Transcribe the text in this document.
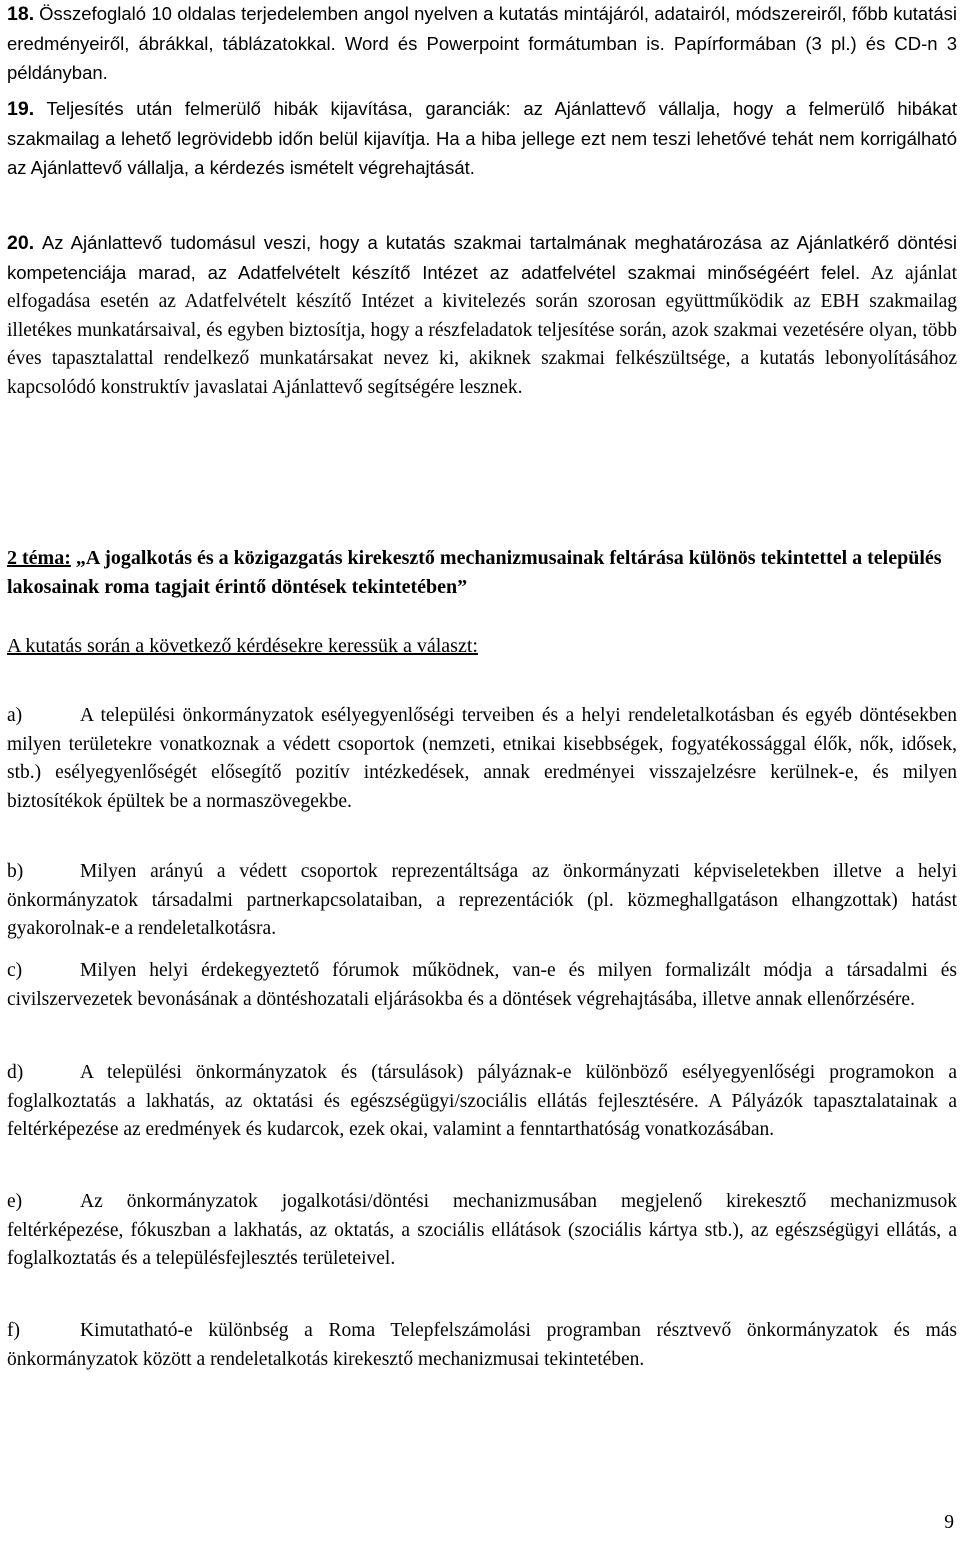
18. Összefoglaló 10 oldalas terjedelemben angol nyelven a kutatás mintájáról, adatairól, módszereiről, főbb kutatási eredményeiről, ábrákkal, táblázatokkal. Word és Powerpoint formátumban is. Papírformában (3 pl.) és CD-n 3 példányban.
19. Teljesítés után felmerülő hibák kijavítása, garanciák: az Ajánlattevő vállalja, hogy a felmerülő hibákat szakmailag a lehető legrövidebb időn belül kijavítja. Ha a hiba jellege ezt nem teszi lehetővé tehát nem korrigálható az Ajánlattevő vállalja, a kérdezés ismételt végrehajtását.
20. Az Ajánlattevő tudomásul veszi, hogy a kutatás szakmai tartalmának meghatározása az Ajánlatkérő döntési kompetenciája marad, az Adatfelvételt készítő Intézet az adatfelvétel szakmai minőségéért felel. Az ajánlat elfogadása esetén az Adatfelvételt készítő Intézet a kivitelezés során szorosan együttműködik az EBH szakmailag illetékes munkatársaival, és egyben biztosítja, hogy a részfeladatok teljesítése során, azok szakmai vezetésére olyan, több éves tapasztalattal rendelkező munkatársakat nevez ki, akiknek szakmai felkészültsége, a kutatás lebonyolításához kapcsolódó konstruktív javaslatai Ajánlattevő segítségére lesznek.
2 téma: „A jogalkotás és a közigazgatás kirekesztő mechanizmusainak feltárása különös tekintettel a település lakosainak roma tagjait érintő döntések tekintetében”
A kutatás során a következő kérdésekre keressük a választ:
a)	A települési önkormányzatok esélyegyenlőségi terveiben és a helyi rendeletalkotásban és egyéb döntésekben milyen területekre vonatkoznak a védett csoportok (nemzeti, etnikai kisebbségek, fogyatékossággal élők, nők, idősek, stb.) esélyegyenlőségét elősegítő pozitív intézkedések, annak eredményei visszajelzésre kerülnek-e, és milyen biztosítékok épültek be a normaszövegekbe.
b)	Milyen arányú a védett csoportok reprezentáltsága az önkormányzati képviseletekben illetve a helyi önkormányzatok társadalmi partnerkapcsolataiban, a reprezentációk (pl. közmeghallgatáson elhangzottak) hatást gyakorolnak-e a rendeletalkotásra.
c)	Milyen helyi érdekegyeztető fórumok működnek, van-e és milyen formalizált módja a társadalmi és civilszervezetek bevonásának a döntéshozatali eljárásokba és a döntések végrehajtásába, illetve annak ellenőrzésére.
d)	A települési önkormányzatok és (társulások) pályáznak-e különböző esélyegyenlőségi programokon a foglalkoztatás a lakhatás, az oktatási és egészségügyi/szociális ellátás fejlesztésére. A Pályázók tapasztalatainak a feltérképezése az eredmények és kudarcok, ezek okai, valamint a fenntarthatóság vonatkozásában.
e)	Az önkormányzatok jogalkotási/döntési mechanizmusában megjelenő kirekesztő mechanizmusok feltérképezése, fókuszban a lakhatás, az oktatás, a szociális ellátások (szociális kártya stb.), az egészségügyi ellátás, a foglalkoztatás és a településfejlesztés területeivel.
f)	Kimutatható-e különbség a Roma Telepfelszámolási programban résztvevő önkormányzatok és más önkormányzatok között a rendeletalkotás kirekesztő mechanizmusai tekintetében.
9
